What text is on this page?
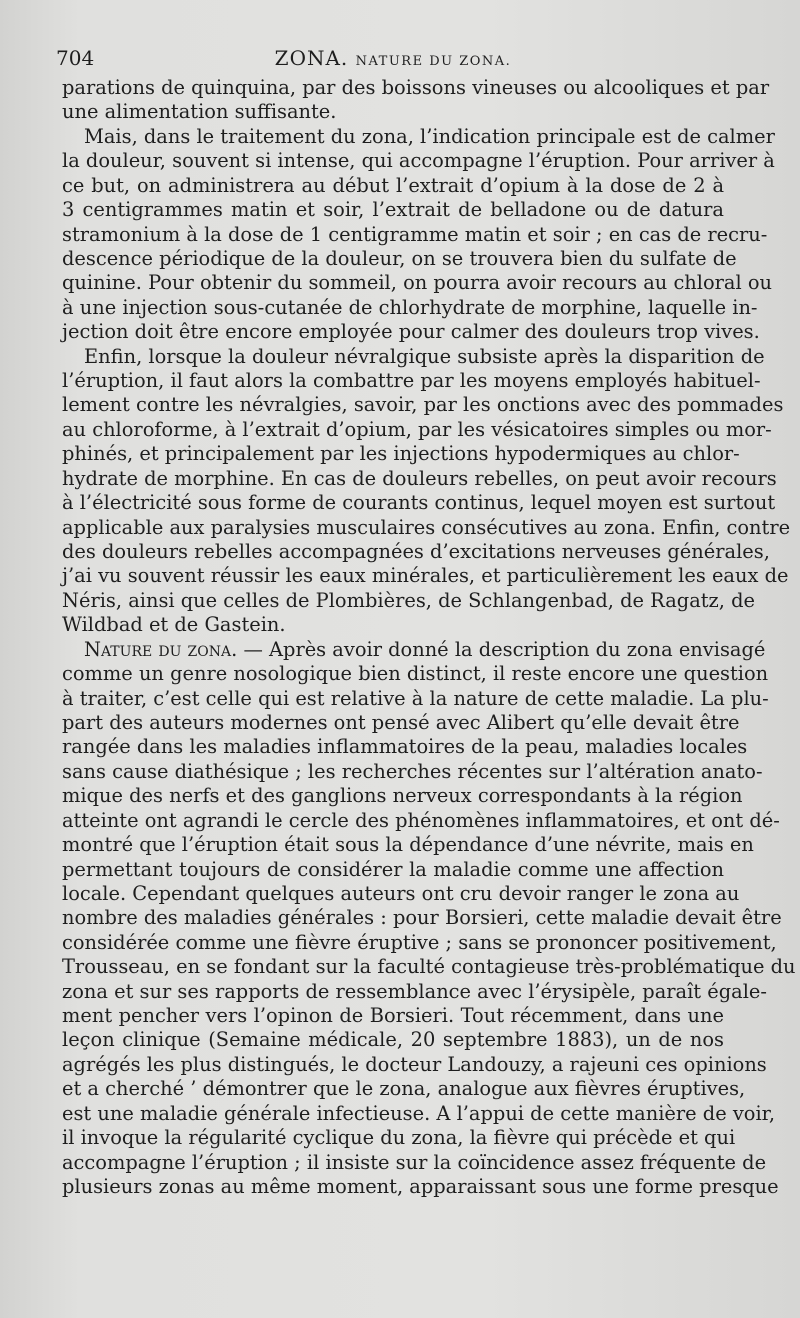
704	ZONA. NATURE DU ZONA.

parations de quinquina, par des boissons vineuses ou alcooliques et par
une alimentation suffisante.

Mais, dans le traitement du zona, l’indication principale est de calmer
la douleur, souvent si intense, qui accompagne l’éruption. Pour arriver à
ce but, on administrera au début l’extrait d’opium à la dose de 2 à
3 centigrammes matin et soir, l’extrait de belladone ou de datura
stramonium à la dose de 1 centigramme matin et soir ; en cas de recru-
descence périodique de la douleur, on se trouvera bien du sulfate de
quinine. Pour obtenir du sommeil, on pourra avoir recours au chloral ou
à une injection sous-cutanée de chlorhydrate de morphine, laquelle in-
jection doit être encore employée pour calmer des douleurs trop vives.

Enfin, lorsque la douleur névralgique subsiste après la disparition de
l’éruption, il faut alors la combattre par les moyens employés habituel-
lement contre les névralgies, savoir, par les onctions avec des pommades
au chloroforme, à l’extrait d’opium, par les vésicatoires simples ou mor-
phinés, et principalement par les injections hypodermiques au chlor-
hydrate de morphine. En cas de douleurs rebelles, on peut avoir recours
à l’électricité sous forme de courants continus, lequel moyen est surtout
applicable aux paralysies musculaires consécutives au zona. Enfin, contre
des douleurs rebelles accompagnées d’excitations nerveuses générales,
j’ai vu souvent réussir les eaux minérales, et particulièrement les eaux de
Néris, ainsi que celles de Plombières, de Schlangenbad, de Ragatz, de
Wildbad et de Gastein.

Nature du zona. — Après avoir donné la description du zona envisagé
comme un genre nosologique bien distinct, il reste encore une question
à traiter, c’est celle qui est relative à la nature de cette maladie. La plu-
part des auteurs modernes ont pensé avec Alibert qu’elle devait être
rangée dans les maladies inflammatoires de la peau, maladies locales
sans cause diathésique ; les recherches récentes sur l’altération anato-
mique des nerfs et des ganglions nerveux correspondants à la région
atteinte ont agrandi le cercle des phénomènes inflammatoires, et ont dé-
montré que l’éruption était sous la dépendance d’une névrite, mais en
permettant toujours de considérer la maladie comme une affection
locale. Cependant quelques auteurs ont cru devoir ranger le zona au
nombre des maladies générales : pour Borsieri, cette maladie devait être
considérée comme une fièvre éruptive ; sans se prononcer positivement,
Trousseau, en se fondant sur la faculté contagieuse très-problématique du
zona et sur ses rapports de ressemblance avec l’érysipèle, paraît égale-
ment pencher vers l’opinon de Borsieri. Tout récemment, dans une
leçon clinique (Semaine médicale, 20 septembre 1883), un de nos
agrégés les plus distingués, le docteur Landouzy, a rajeuni ces opinions
et a cherché ’ démontrer que le zona, analogue aux fièvres éruptives,
est une maladie générale infectieuse. A l’appui de cette manière de voir,
il invoque la régularité cyclique du zona, la fièvre qui précède et qui
accompagne l’éruption ; il insiste sur la coïncidence assez fréquente de
plusieurs zonas au même moment, apparaissant sous une forme presque
